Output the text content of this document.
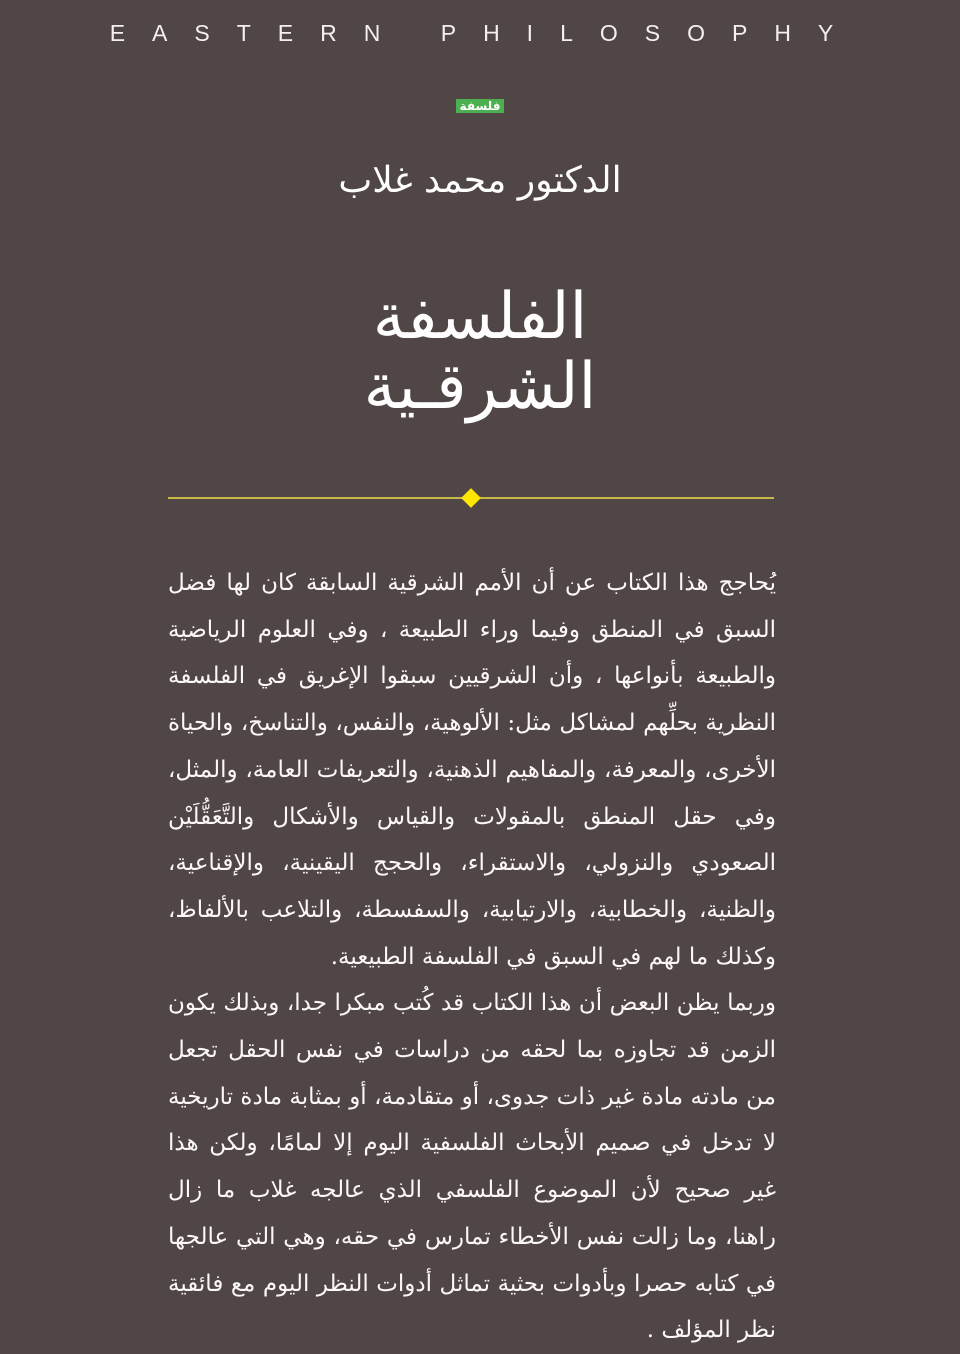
EASTERN PHILOSOPHY
فلسفة
الدكتور محمد غلاب
الفلسفة
الشرقـية

يُحاجج هذا الكتاب عن أن الأمم الشرقية السابقة كان لها فضل السبق في المنطق وفيما وراء الطبيعة ، وفي العلوم الرياضية والطبيعة بأنواعها ، وأن الشرقيين سبقوا الإغريق في الفلسفة النظرية بحلِّهم لمشاكل مثل: الألوهية، والنفس، والتناسخ، والحياة الأخرى، والمعرفة، والمفاهيم الذهنية، والتعريفات العامة، والمثل، وفي حقل المنطق بالمقولات والقياس والأشكال والتَّعَقُّلَيْن الصعودي والنزولي، والاستقراء، والحجج اليقينية، والإقناعية، والظنية، والخطابية، والارتيابية، والسفسطة، والتلاعب بالألفاظ، وكذلك ما لهم في السبق في الفلسفة الطبيعية.

وربما يظن البعض أن هذا الكتاب قد كُتب مبكرا جدا، وبذلك يكون الزمن قد تجاوزه بما لحقه من دراسات في نفس الحقل تجعل من مادته مادة غير ذات جدوى، أو متقادمة، أو بمثابة مادة تاريخية لا تدخل في صميم الأبحاث الفلسفية اليوم إلا لمامًا، ولكن هذا غير صحيح لأن الموضوع الفلسفي الذي عالجه غلاب ما زال راهنا، وما زالت نفس الأخطاء تمارس في حقه، وهي التي عالجها في كتابه حصرا وبأدوات بحثية تماثل أدوات النظر اليوم مع فائقية نظر المؤلف .
